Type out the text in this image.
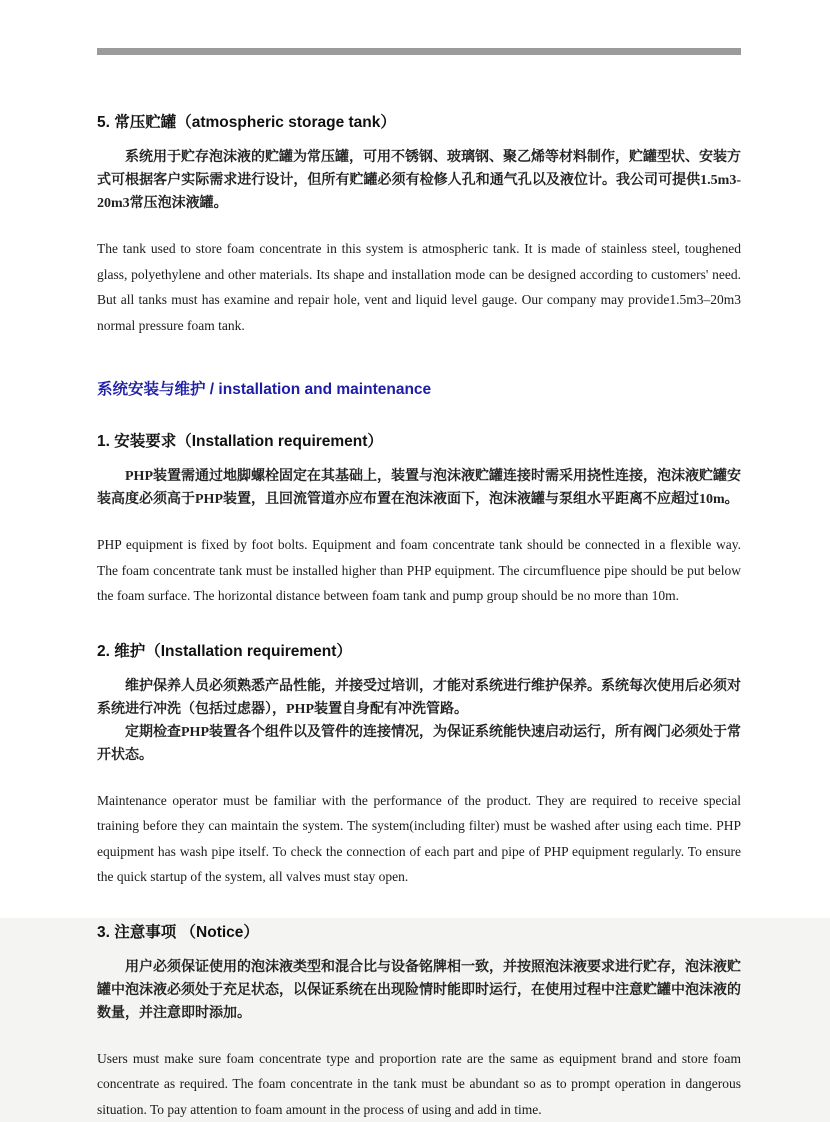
5. 常压贮罐（atmospheric storage tank）

系统用于贮存泡沫液的贮罐为常压罐，可用不锈钢、玻璃钢、聚乙烯等材料制作，贮罐型状、安装方式可根据客户实际需求进行设计，但所有贮罐必须有检修人孔和通气孔以及液位计。我公司可提供1.5m3-20m3常压泡沫液罐。

The tank used to store foam concentrate in this system is atmospheric tank. It is made of stainless steel, toughened glass, polyethylene and other materials. Its shape and installation mode can be designed according to customers' need. But all tanks must has examine and repair hole, vent and liquid level gauge. Our company may provide1.5m3–20m3 normal pressure foam tank.

系统安装与维护 / installation and maintenance
1. 安装要求（Installation requirement）

PHP装置需通过地脚螺栓固定在其基础上，装置与泡沫液贮罐连接时需采用挠性连接，泡沫液贮罐安装高度必须高于PHP装置，且回流管道亦应布置在泡沫液面下，泡沫液罐与泵组水平距离不应超过10m。

PHP equipment is fixed by foot bolts. Equipment and foam concentrate tank should be connected in a flexible way. The foam concentrate tank must be installed higher than PHP equipment. The circumfluence pipe should be put below the foam surface. The horizontal distance between foam tank and pump group should be no more than 10m.

2. 维护（Installation requirement）

维护保养人员必须熟悉产品性能，并接受过培训，才能对系统进行维护保养。系统每次使用后必须对系统进行冲洗（包括过虑器），PHP装置自身配有冲洗管路。

定期检查PHP装置各个组件以及管件的连接情况，为保证系统能快速启动运行，所有阀门必须处于常开状态。

Maintenance operator must be familiar with the performance of the product. They are required to receive special training before they can maintain the system. The system(including filter) must be washed after using each time. PHP equipment has wash pipe itself. To check the connection of each part and pipe of PHP equipment regularly. To ensure the quick startup of the system, all valves must stay open.

3. 注意事项 （Notice）

用户必须保证使用的泡沫液类型和混合比与设备铭牌相一致，并按照泡沫液要求进行贮存，泡沫液贮罐中泡沫液必须处于充足状态，以保证系统在出现险情时能即时运行，在使用过程中注意贮罐中泡沫液的数量，并注意即时添加。

Users must make sure foam concentrate type and proportion rate are the same as equipment brand and store foam concentrate as required. The foam concentrate in the tank must be abundant so as to prompt operation in dangerous situation. To pay attention to foam amount in the process of using and add in time.
